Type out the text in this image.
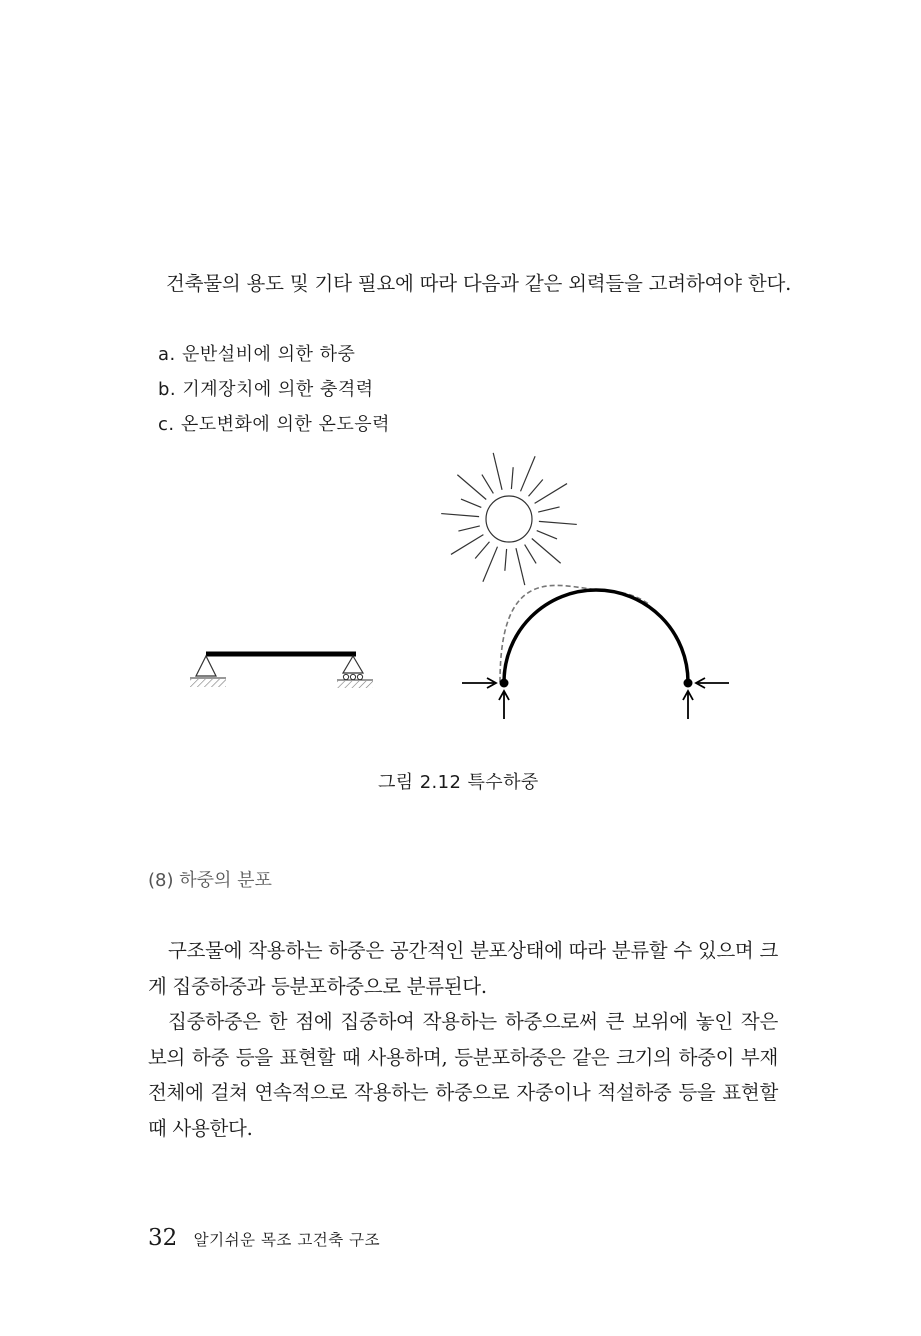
건축물의 용도 및 기타 필요에 따라 다음과 같은 외력들을 고려하여야 한다.

a. 운반설비에 의한 하중
b. 기계장치에 의한 충격력
c. 온도변화에 의한 온도응력

그림 2.12 특수하중

(8) 하중의 분포

구조물에 작용하는 하중은 공간적인 분포상태에 따라 분류할 수 있으며 크게 집중하중과 등분포하중으로 분류된다.

집중하중은 한 점에 집중하여 작용하는 하중으로써 큰 보위에 놓인 작은 보의 하중 등을 표현할 때 사용하며, 등분포하중은 같은 크기의 하중이 부재 전체에 걸쳐 연속적으로 작용하는 하중으로 자중이나 적설하중 등을 표현할 때 사용한다.

32 알기쉬운 목조 고건축 구조
